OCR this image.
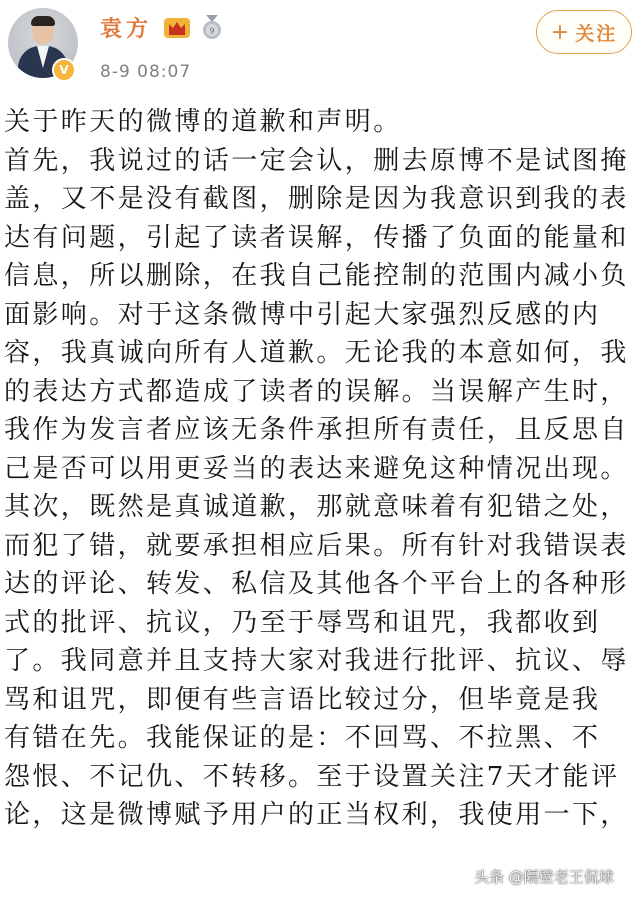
V
袁方	9
8-9 08:07
+ 关注
关于昨天的微博的道歉和声明。
首先，我说过的话一定会认，删去原博不是试图掩
盖，又不是没有截图，删除是因为我意识到我的表
达有问题，引起了读者误解，传播了负面的能量和
信息，所以删除，在我自己能控制的范围内减小负
面影响。对于这条微博中引起大家强烈反感的内
容，我真诚向所有人道歉。无论我的本意如何，我
的表达方式都造成了读者的误解。当误解产生时，
我作为发言者应该无条件承担所有责任，且反思自
己是否可以用更妥当的表达来避免这种情况出现。
其次，既然是真诚道歉，那就意味着有犯错之处，
而犯了错，就要承担相应后果。所有针对我错误表
达的评论、转发、私信及其他各个平台上的各种形
式的批评、抗议，乃至于辱骂和诅咒，我都收到
了。我同意并且支持大家对我进行批评、抗议、辱
骂和诅咒，即便有些言语比较过分，但毕竟是我
有错在先。我能保证的是：不回骂、不拉黑、不
怨恨、不记仇、不转移。至于设置关注7天才能评
论，这是微博赋予用户的正当权利，我使用一下，
头条 @隔壁老王侃球
